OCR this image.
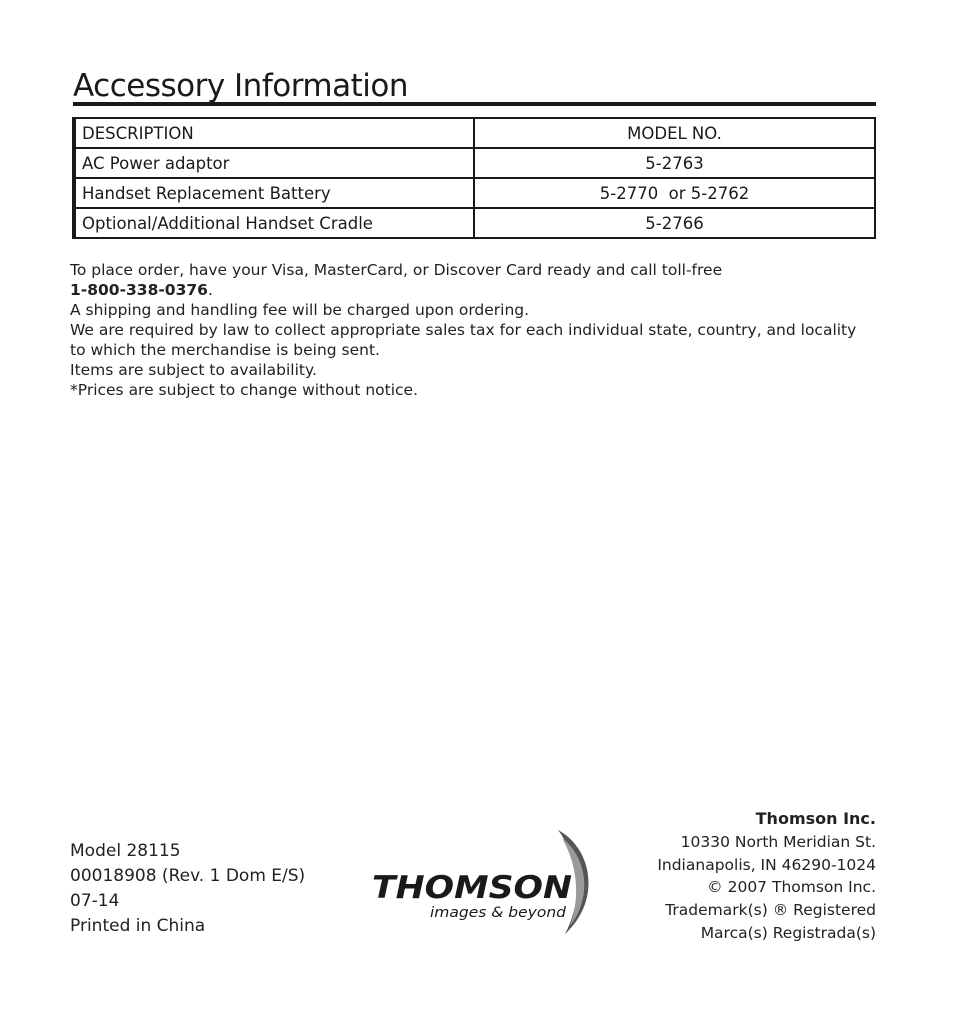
Accessory Information
DESCRIPTION	MODEL NO.
AC Power adaptor	5-2763
Handset Replacement Battery	5-2770  or 5-2762
Optional/Additional Handset Cradle	5-2766

To place order, have your Visa, MasterCard, or Discover Card ready and call toll-free

1-800-338-0376.

A shipping and handling fee will be charged upon ordering.

We are required by law to collect appropriate sales tax for each individual state, country, and locality to which the merchandise is being sent.

Items are subject to availability.

*Prices are subject to change without notice.

Model 28115
00018908 (Rev. 1 Dom E/S)
07-14
Printed in China
THOMSON
images & beyond
Thomson Inc.
10330 North Meridian St.
Indianapolis, IN 46290-1024
© 2007 Thomson Inc.
Trademark(s) ® Registered
Marca(s) Registrada(s)
